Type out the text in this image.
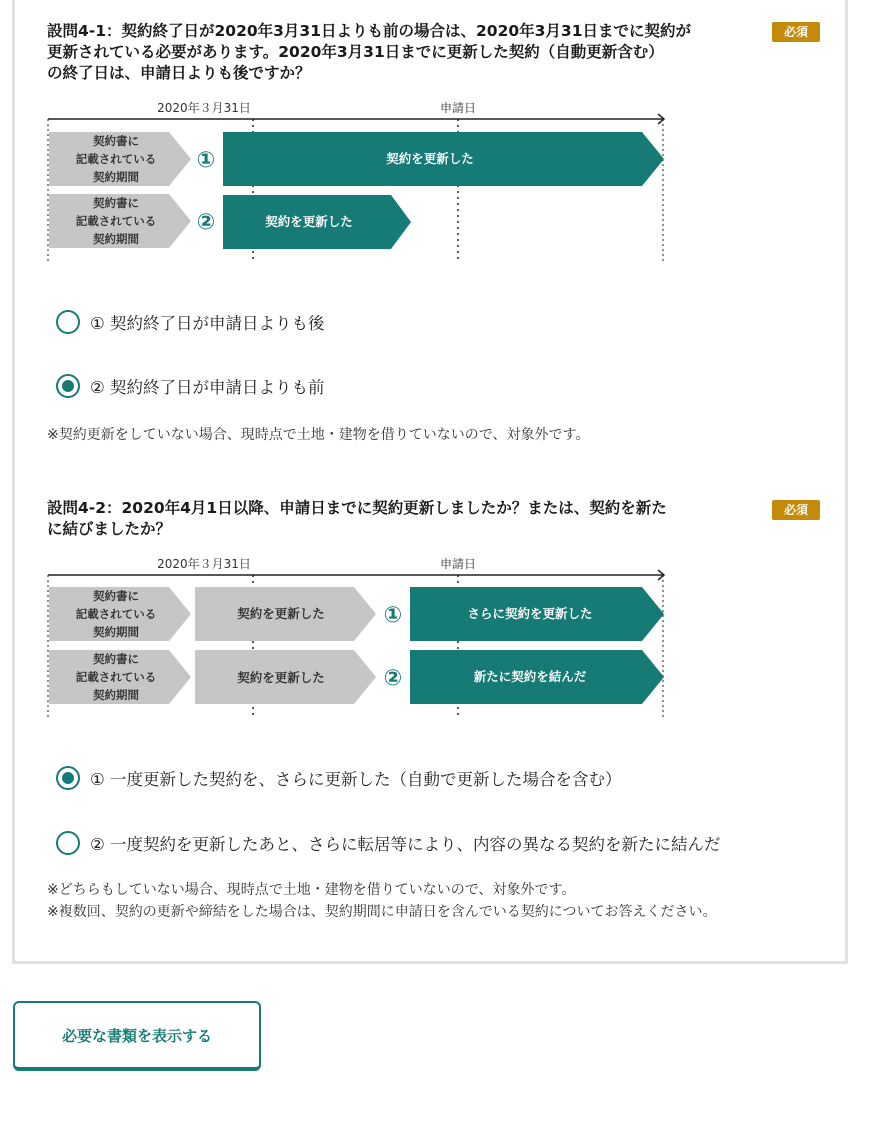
設問4-1：契約終了日が2020年3月31日よりも前の場合は、2020年3月31日までに契約が
更新されている必要があります。2020年3月31日までに更新した契約（自動更新含む）
の終了日は、申請日よりも後ですか？
必須
2020年３月31日	申請日
契約書に
記載されている
契約期間
①	契約を更新した
契約書に
記載されている
契約期間
②	契約を更新した
① 契約終了日が申請日よりも後
② 契約終了日が申請日よりも前
※契約更新をしていない場合、現時点で土地・建物を借りていないので、対象外です。
設問4-2：2020年4月1日以降、申請日までに契約更新しましたか？または、契約を新た
に結びましたか？
必須
2020年３月31日	申請日
契約書に
記載されている
契約期間
契約を更新した	①	さらに契約を更新した
契約書に
記載されている
契約期間
契約を更新した	②	新たに契約を結んだ
① 一度更新した契約を、さらに更新した（自動で更新した場合を含む）
② 一度契約を更新したあと、さらに転居等により、内容の異なる契約を新たに結んだ
※どちらもしていない場合、現時点で土地・建物を借りていないので、対象外です。
※複数回、契約の更新や締結をした場合は、契約期間に申請日を含んでいる契約についてお答えください。
必要な書類を表示する
